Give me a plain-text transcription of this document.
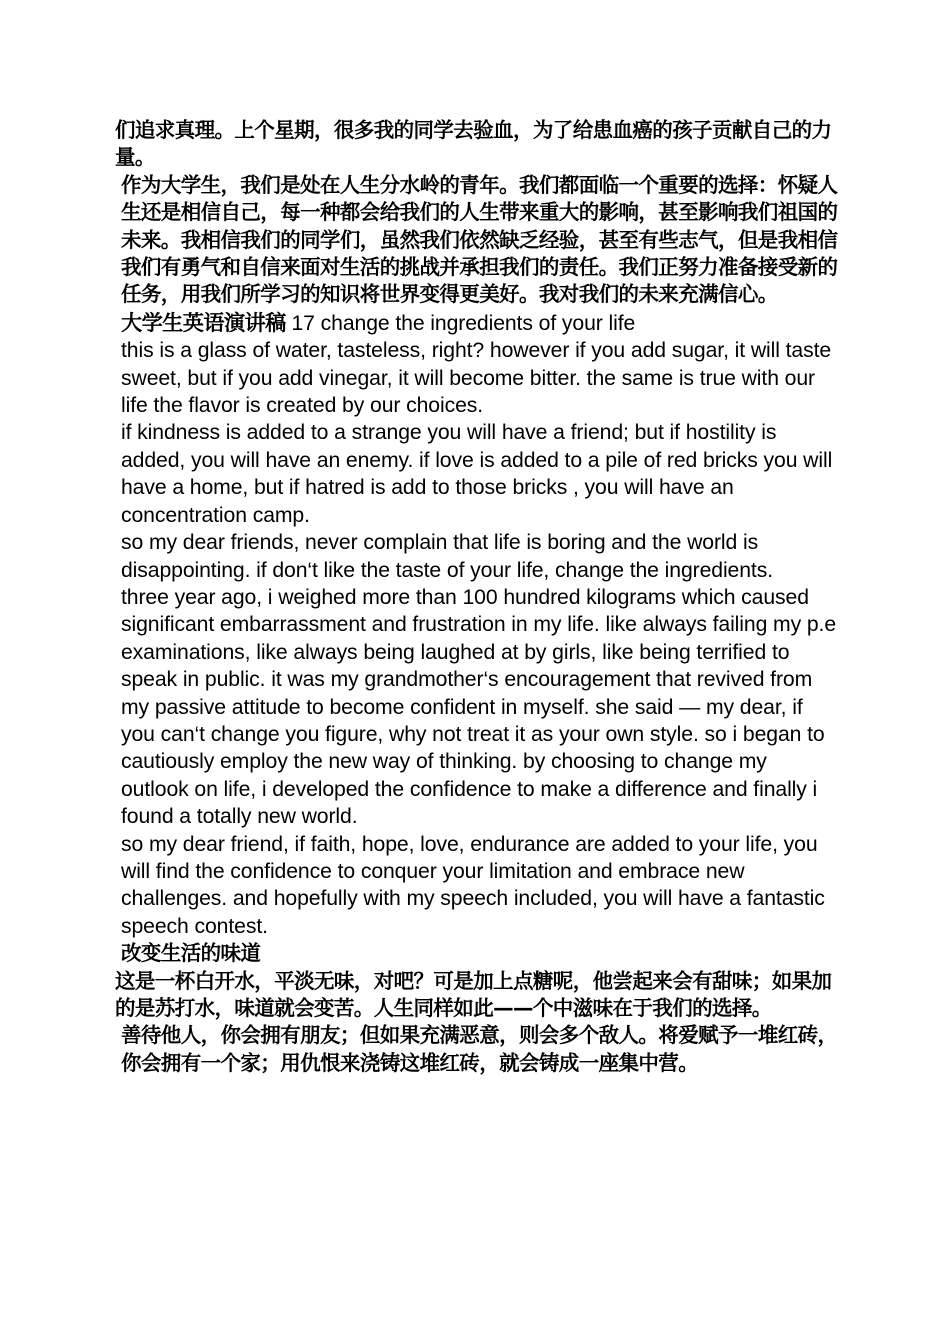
们追求真理。上个星期，很多我的同学去验血，为了给患血癌的孩子贡献自己的力量。

作为大学生，我们是处在人生分水岭的青年。我们都面临一个重要的选择：怀疑人生还是相信自己，每一种都会给我们的人生带来重大的影响，甚至影响我们祖国的未来。我相信我们的同学们，虽然我们依然缺乏经验，甚至有些志气，但是我相信我们有勇气和自信来面对生活的挑战并承担我们的责任。我们正努力准备接受新的任务，用我们所学习的知识将世界变得更美好。我对我们的未来充满信心。

大学生英语演讲稿 17 change the ingredients of your life

this is a glass of water, tasteless, right? however if you add sugar, it will taste sweet, but if you add vinegar, it will become bitter. the same is true with our life the flavor is created by our choices.

if kindness is added to a strange you will have a friend; but if hostility is added, you will have an enemy. if love is added to a pile of red bricks you will have a home, but if hatred is add to those bricks , you will have an concentration camp.

so my dear friends, never complain that life is boring and the world is disappointing. if don‘t like the taste of your life, change the ingredients.

three year ago, i weighed more than 100 hundred kilograms which caused significant embarrassment and frustration in my life. like always failing my p.e examinations, like always being laughed at by girls, like being terrified to speak in public. it was my grandmother‘s encouragement that revived from my passive attitude to become confident in myself. she said — my dear, if you can‘t change you figure, why not treat it as your own style. so i began to cautiously employ the new way of thinking. by choosing to change my outlook on life, i developed the confidence to make a difference and finally i found a totally new world.

so my dear friend, if faith, hope, love, endurance are added to your life, you will find the confidence to conquer your limitation and embrace new challenges. and hopefully with my speech included, you will have a fantastic speech contest.

改变生活的味道

这是一杯白开水，平淡无味，对吧？可是加上点糖呢，他尝起来会有甜味；如果加的是苏打水，味道就会变苦。人生同样如此——个中滋味在于我们的选择。

善待他人，你会拥有朋友；但如果充满恶意，则会多个敌人。将爱赋予一堆红砖，你会拥有一个家；用仇恨来浇铸这堆红砖，就会铸成一座集中营。
